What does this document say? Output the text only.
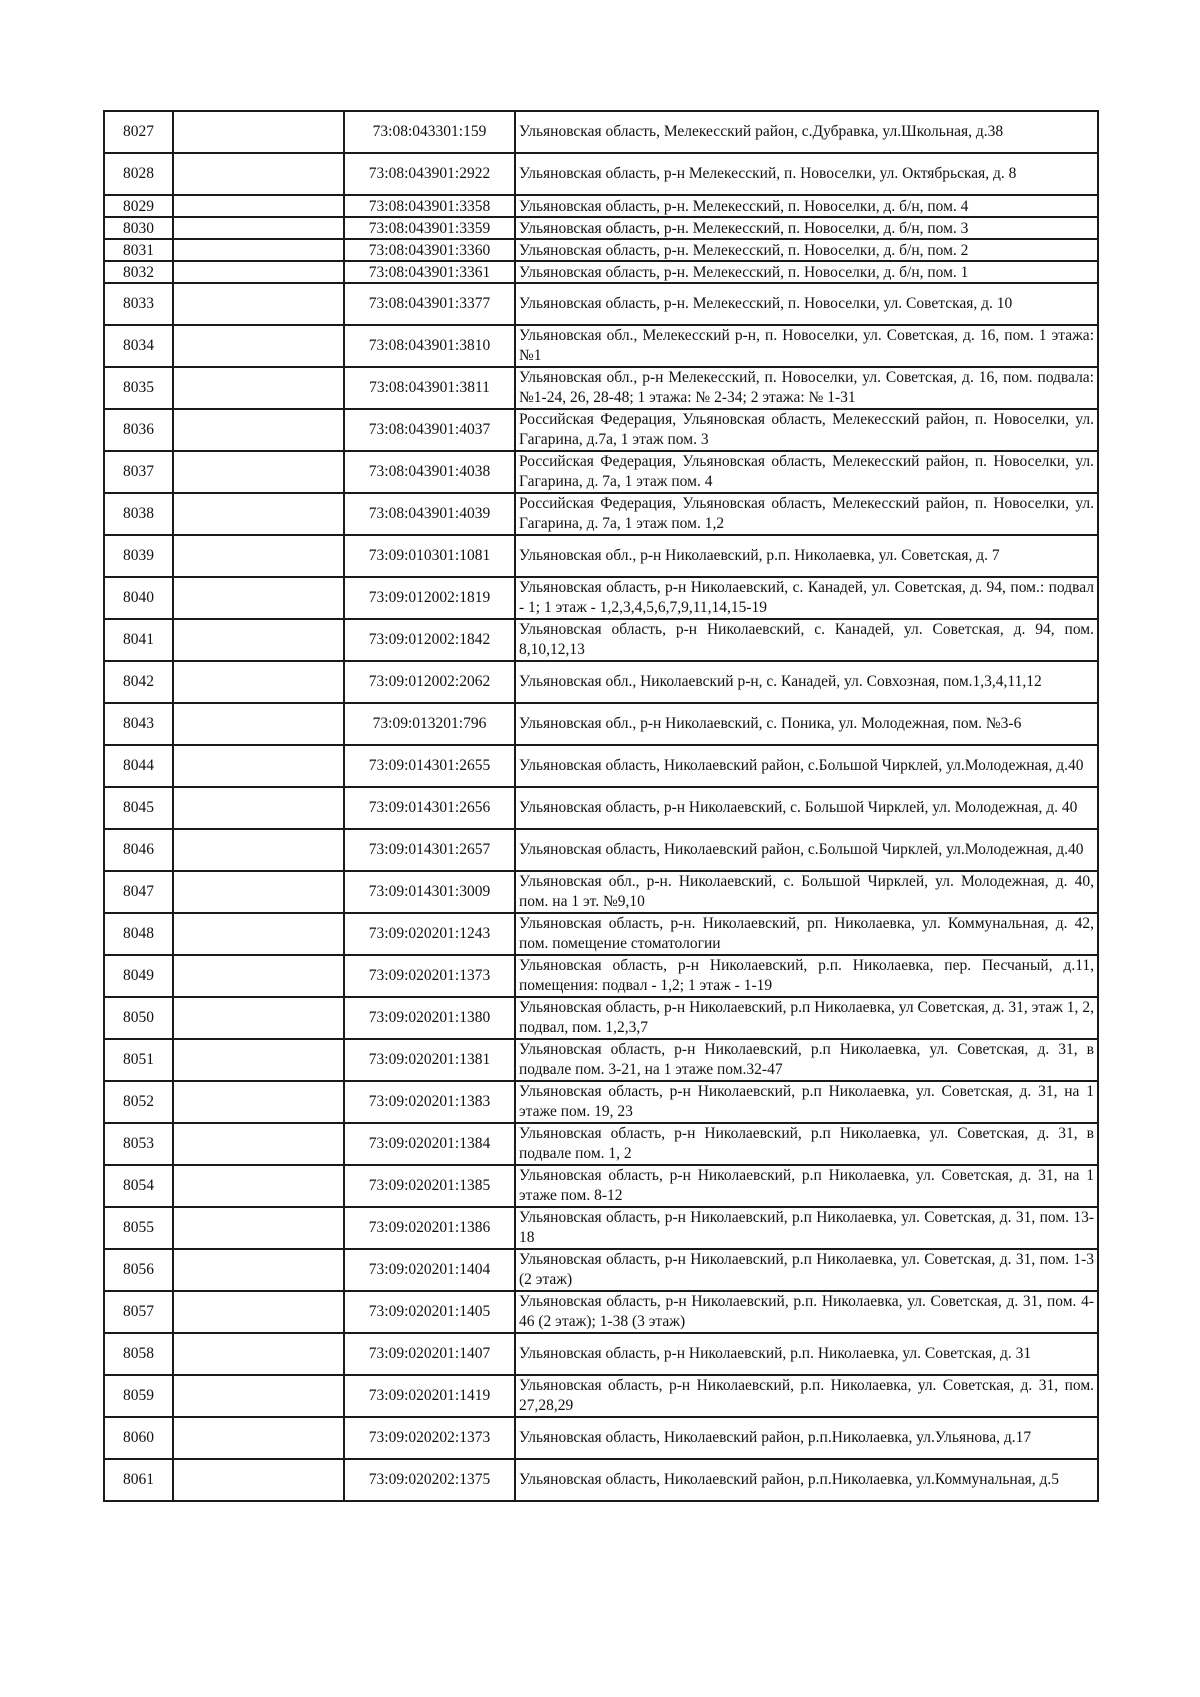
8027		73:08:043301:159	Ульяновская область, Мелекесский район, с.Дубравка, ул.Школьная, д.38
8028		73:08:043901:2922	Ульяновская область, р-н Мелекесский, п. Новоселки, ул. Октябрьская, д. 8
8029		73:08:043901:3358	Ульяновская область, р-н. Мелекесский, п. Новоселки, д. б/н, пом. 4
8030		73:08:043901:3359	Ульяновская область, р-н. Мелекесский, п. Новоселки, д. б/н, пом. 3
8031		73:08:043901:3360	Ульяновская область, р-н. Мелекесский, п. Новоселки, д. б/н, пом. 2
8032		73:08:043901:3361	Ульяновская область, р-н. Мелекесский, п. Новоселки, д. б/н, пом. 1
8033		73:08:043901:3377	Ульяновская область, р-н. Мелекесский, п. Новоселки, ул. Советская, д. 10
8034		73:08:043901:3810	Ульяновская обл., Мелекесский р-н, п. Новоселки, ул. Советская, д. 16, пом. 1 этажа: №1
8035		73:08:043901:3811	Ульяновская обл., р-н Мелекесский, п. Новоселки, ул. Советская, д. 16, пом. подвала: №1-24, 26, 28-48; 1 этажа: № 2-34; 2 этажа: № 1-31
8036		73:08:043901:4037	Российская Федерация, Ульяновская область, Мелекесский район, п. Новоселки, ул. Гагарина, д.7а, 1 этаж пом. 3
8037		73:08:043901:4038	Российская Федерация, Ульяновская область, Мелекесский район, п. Новоселки, ул. Гагарина, д. 7а, 1 этаж пом. 4
8038		73:08:043901:4039	Российская Федерация, Ульяновская область, Мелекесский район, п. Новоселки, ул. Гагарина, д. 7а, 1 этаж пом. 1,2
8039		73:09:010301:1081	Ульяновская обл., р-н Николаевский, р.п. Николаевка, ул. Советская, д. 7
8040		73:09:012002:1819	Ульяновская область, р-н Николаевский, с. Канадей, ул. Советская, д. 94, пом.: подвал - 1; 1 этаж - 1,2,3,4,5,6,7,9,11,14,15-19
8041		73:09:012002:1842	Ульяновская область, р-н Николаевский, с. Канадей, ул. Советская, д. 94, пом. 8,10,12,13
8042		73:09:012002:2062	Ульяновская обл., Николаевский р-н, с. Канадей, ул. Совхозная, пом.1,3,4,11,12
8043		73:09:013201:796	Ульяновская обл., р-н Николаевский, с. Поника, ул. Молодежная, пом. №3-6
8044		73:09:014301:2655	Ульяновская область, Николаевский район, с.Большой Чирклей, ул.Молодежная, д.40
8045		73:09:014301:2656	Ульяновская область, р-н Николаевский, с. Большой Чирклей, ул. Молодежная, д. 40
8046		73:09:014301:2657	Ульяновская область, Николаевский район, с.Большой Чирклей, ул.Молодежная, д.40
8047		73:09:014301:3009	Ульяновская обл., р-н. Николаевский, с. Большой Чирклей, ул. Молодежная, д. 40, пом. на 1 эт. №9,10
8048		73:09:020201:1243	Ульяновская область, р-н. Николаевский, рп. Николаевка, ул. Коммунальная, д. 42, пом. помещение стоматологии
8049		73:09:020201:1373	Ульяновская область, р-н Николаевский, р.п. Николаевка, пер. Песчаный, д.11, помещения: подвал - 1,2; 1 этаж - 1-19
8050		73:09:020201:1380	Ульяновская область, р-н Николаевский, р.п Николаевка, ул Советская, д. 31, этаж 1, 2, подвал, пом. 1,2,3,7
8051		73:09:020201:1381	Ульяновская область, р-н Николаевский, р.п Николаевка, ул. Советская, д. 31, в подвале пом. 3-21, на 1 этаже пом.32-47
8052		73:09:020201:1383	Ульяновская область, р-н Николаевский, р.п Николаевка, ул. Советская, д. 31, на 1 этаже пом. 19, 23
8053		73:09:020201:1384	Ульяновская область, р-н Николаевский, р.п Николаевка, ул. Советская, д. 31, в подвале пом. 1, 2
8054		73:09:020201:1385	Ульяновская область, р-н Николаевский, р.п Николаевка, ул. Советская, д. 31, на 1 этаже пом. 8-12
8055		73:09:020201:1386	Ульяновская область, р-н Николаевский, р.п Николаевка, ул. Советская, д. 31, пом. 13-18
8056		73:09:020201:1404	Ульяновская область, р-н Николаевский, р.п Николаевка, ул. Советская, д. 31, пом. 1-3 (2 этаж)
8057		73:09:020201:1405	Ульяновская область, р-н Николаевский, р.п. Николаевка, ул. Советская, д. 31, пом. 4-46 (2 этаж); 1-38 (3 этаж)
8058		73:09:020201:1407	Ульяновская область, р-н Николаевский, р.п. Николаевка, ул. Советская, д. 31
8059		73:09:020201:1419	Ульяновская область, р-н Николаевский, р.п. Николаевка, ул. Советская, д. 31, пом. 27,28,29
8060		73:09:020202:1373	Ульяновская область, Николаевский район, р.п.Николаевка, ул.Ульянова, д.17
8061		73:09:020202:1375	Ульяновская область, Николаевский район, р.п.Николаевка, ул.Коммунальная, д.5
